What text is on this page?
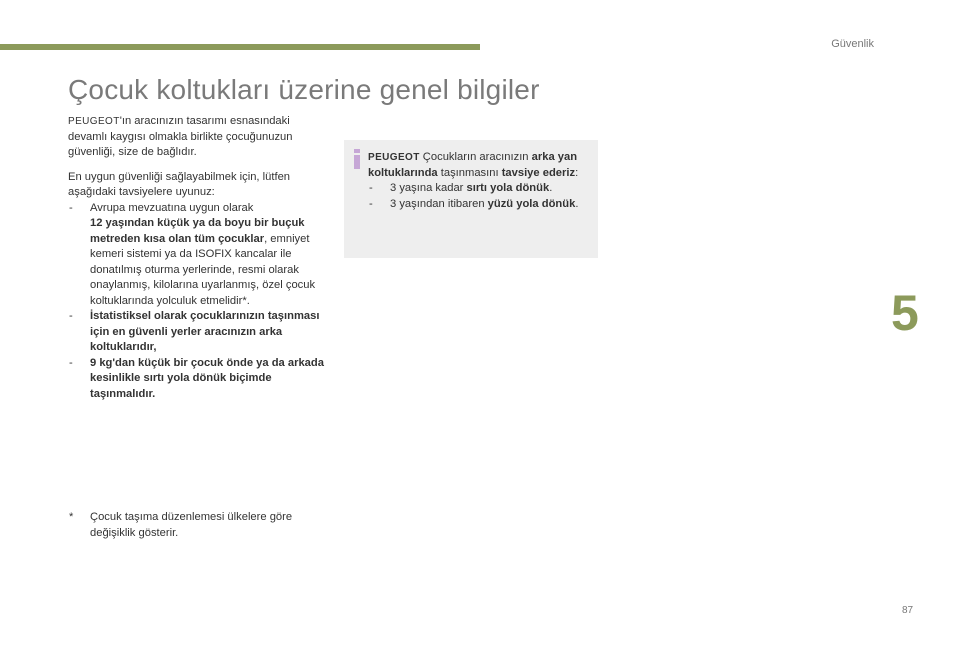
Güvenlik
Çocuk koltukları üzerine genel bilgiler

PEUGEOT'ın aracınızın tasarımı esnasındaki devamlı kaygısı olmakla birlikte çocuğunuzun güvenliği, size de bağlıdır.

En uygun güvenliği sağlayabilmek için, lütfen aşağıdaki tavsiyelere uyunuz:

- Avrupa mevzuatına uygun olarak
12 yaşından küçük ya da boyu bir buçuk metreden kısa olan tüm çocuklar, emniyet kemeri sistemi ya da ISOFIX kancalar ile donatılmış oturma yerlerinde, resmi olarak onaylanmış, kilolarına uyarlanmış, özel çocuk koltuklarında yolculuk etmelidir*.
- İstatistiksel olarak çocuklarınızın taşınması için en güvenli yerler aracınızın arka koltuklarıdır,
- 9 kg'dan küçük bir çocuk önde ya da arkada kesinlikle sırtı yola dönük biçimde taşınmalıdır.
*	Çocuk taşıma düzenlemesi ülkelere göre değişiklik gösterir.

PEUGEOT Çocukların aracınızın arka yan koltuklarında taşınmasını tavsiye ederiz:

- 3 yaşına kadar sırtı yola dönük.
- 3 yaşından itibaren yüzü yola dönük.
5
87
